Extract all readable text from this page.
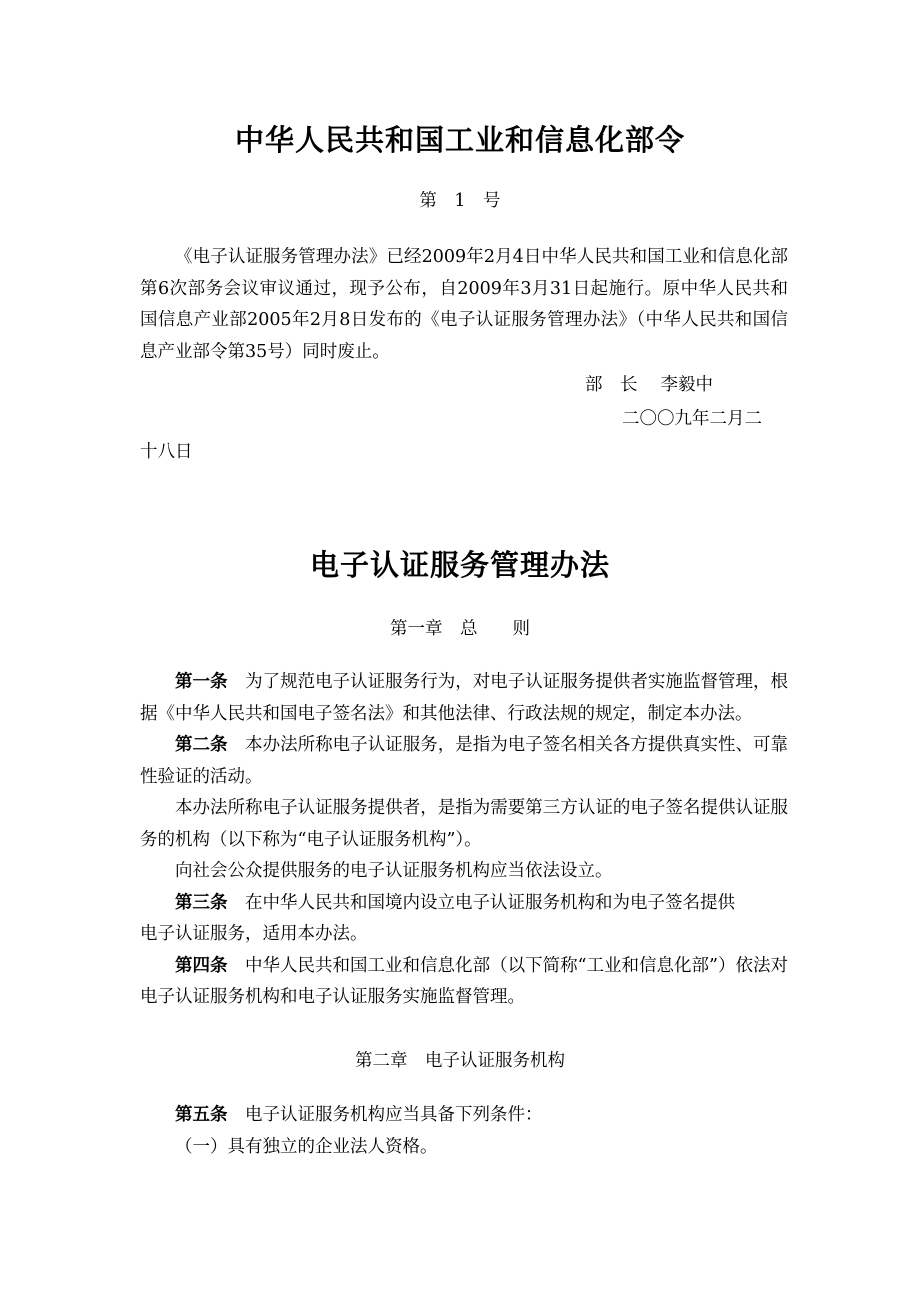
中华人民共和国工业和信息化部令
第　1　号

《电子认证服务管理办法》已经2009年2月4日中华人民共和国工业和信息化部第6次部务会议审议通过，现予公布，自2009年3月31日起施行。原中华人民共和国信息产业部2005年2月8日发布的《电子认证服务管理办法》（中华人民共和国信息产业部令第35号）同时废止。

部　长　 李毅中
二〇〇九年二月二
十八日
电子认证服务管理办法
第一章　总　　则

第一条　 为了规范电子认证服务行为，对电子认证服务提供者实施监督管理，根据《中华人民共和国电子签名法》和其他法律、行政法规的规定，制定本办法。

第二条　 本办法所称电子认证服务，是指为电子签名相关各方提供真实性、可靠性验证的活动。

本办法所称电子认证服务提供者，是指为需要第三方认证的电子签名提供认证服务的机构（以下称为“电子认证服务机构”）。

向社会公众提供服务的电子认证服务机构应当依法设立。

第三条　 在中华人民共和国境内设立电子认证服务机构和为电子签名提供

电子认证服务，适用本办法。

第四条　 中华人民共和国工业和信息化部（以下简称“工业和信息化部”）依法对电子认证服务机构和电子认证服务实施监督管理。

第二章　电子认证服务机构

第五条　 电子认证服务机构应当具备下列条件：

（一）具有独立的企业法人资格。
